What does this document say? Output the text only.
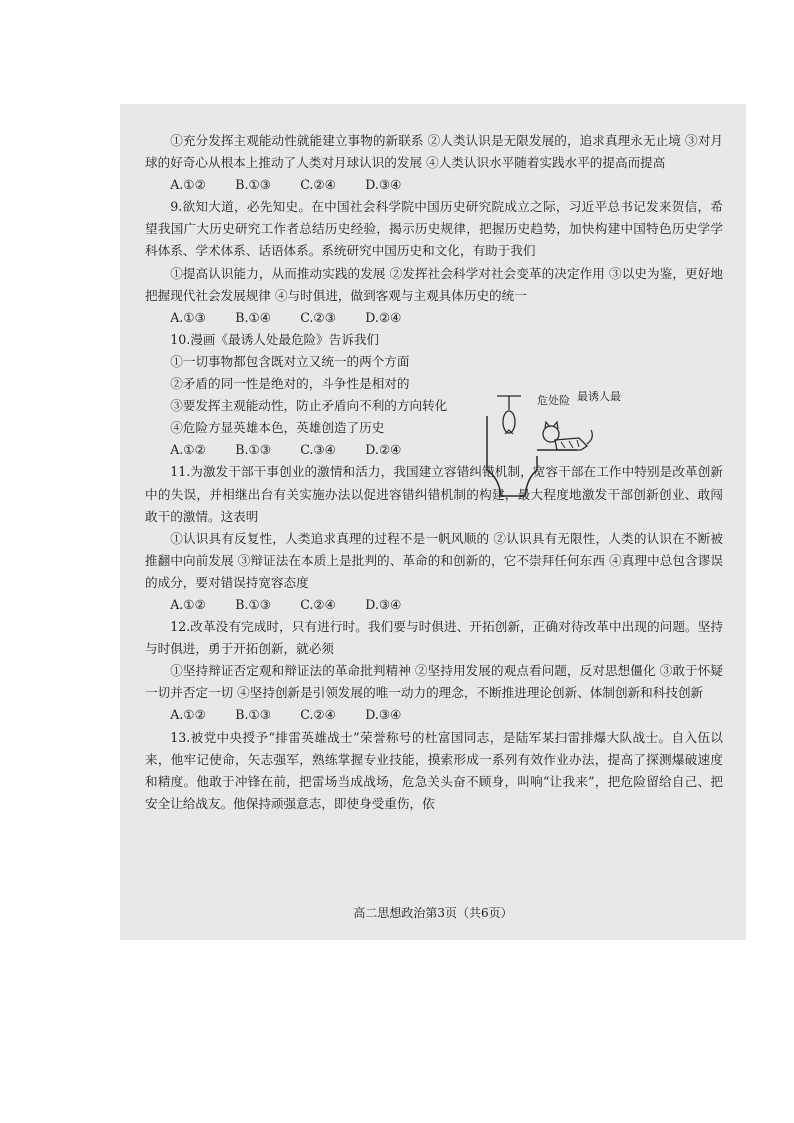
①充分发挥主观能动性就能建立事物的新联系 ②人类认识是无限发展的，追求真理永无止境 ③对月球的好奇心从根本上推动了人类对月球认识的发展 ④人类认识水平随着实践水平的提高而提高

A.①②	B.①③	C.②④	D.③④

9.欲知大道，必先知史。在中国社会科学院中国历史研究院成立之际，习近平总书记发来贺信，希望我国广大历史研究工作者总结历史经验，揭示历史规律，把握历史趋势，加快构建中国特色历史学学科体系、学术体系、话语体系。系统研究中国历史和文化，有助于我们

①提高认识能力，从而推动实践的发展 ②发挥社会科学对社会变革的决定作用 ③以史为鉴，更好地把握现代社会发展规律 ④与时俱进，做到客观与主观具体历史的统一

A.①③	B.①④	C.②③	D.②④

10.漫画《最诱人处最危险》告诉我们

①一切事物都包含既对立又统一的两个方面

②矛盾的同一性是绝对的，斗争性是相对的

③要发挥主观能动性，防止矛盾向不利的方向转化

④危险方显英雄本色，英雄创造了历史

A.①②	B.①③	C.③④	D.②④

11.为激发干部干事创业的激情和活力，我国建立容错纠错机制，宽容干部在工作中特别是改革创新中的失误，并相继出台有关实施办法以促进容错纠错机制的构建，最大程度地激发干部创新创业、敢闯敢干的激情。这表明

①认识具有反复性，人类追求真理的过程不是一帆风顺的 ②认识具有无限性，人类的认识在不断被推翻中向前发展 ③辩证法在本质上是批判的、革命的和创新的，它不崇拜任何东西 ④真理中总包含谬误的成分，要对错误持宽容态度

A.①②	B.①③	C.②④	D.③④

12.改革没有完成时，只有进行时。我们要与时俱进、开拓创新，正确对待改革中出现的问题。坚持与时俱进，勇于开拓创新，就必须

①坚持辩证否定观和辩证法的革命批判精神 ②坚持用发展的观点看问题，反对思想僵化 ③敢于怀疑一切并否定一切 ④坚持创新是引领发展的唯一动力的理念，不断推进理论创新、体制创新和科技创新

A.①②	B.①③	C.②④	D.③④

13.被党中央授予“排雷英雄战士”荣誉称号的杜富国同志，是陆军某扫雷排爆大队战士。自入伍以来，他牢记使命，矢志强军，熟练掌握专业技能，摸索形成一系列有效作业办法，提高了探测爆破速度和精度。他敢于冲锋在前，把雷场当成战场，危急关头奋不顾身，叫响“让我来”，把危险留给自己、把安全让给战友。他保持顽强意志，即使身受重伤，依

危处险 最诱人最
高二思想政治第3页（共6页）
